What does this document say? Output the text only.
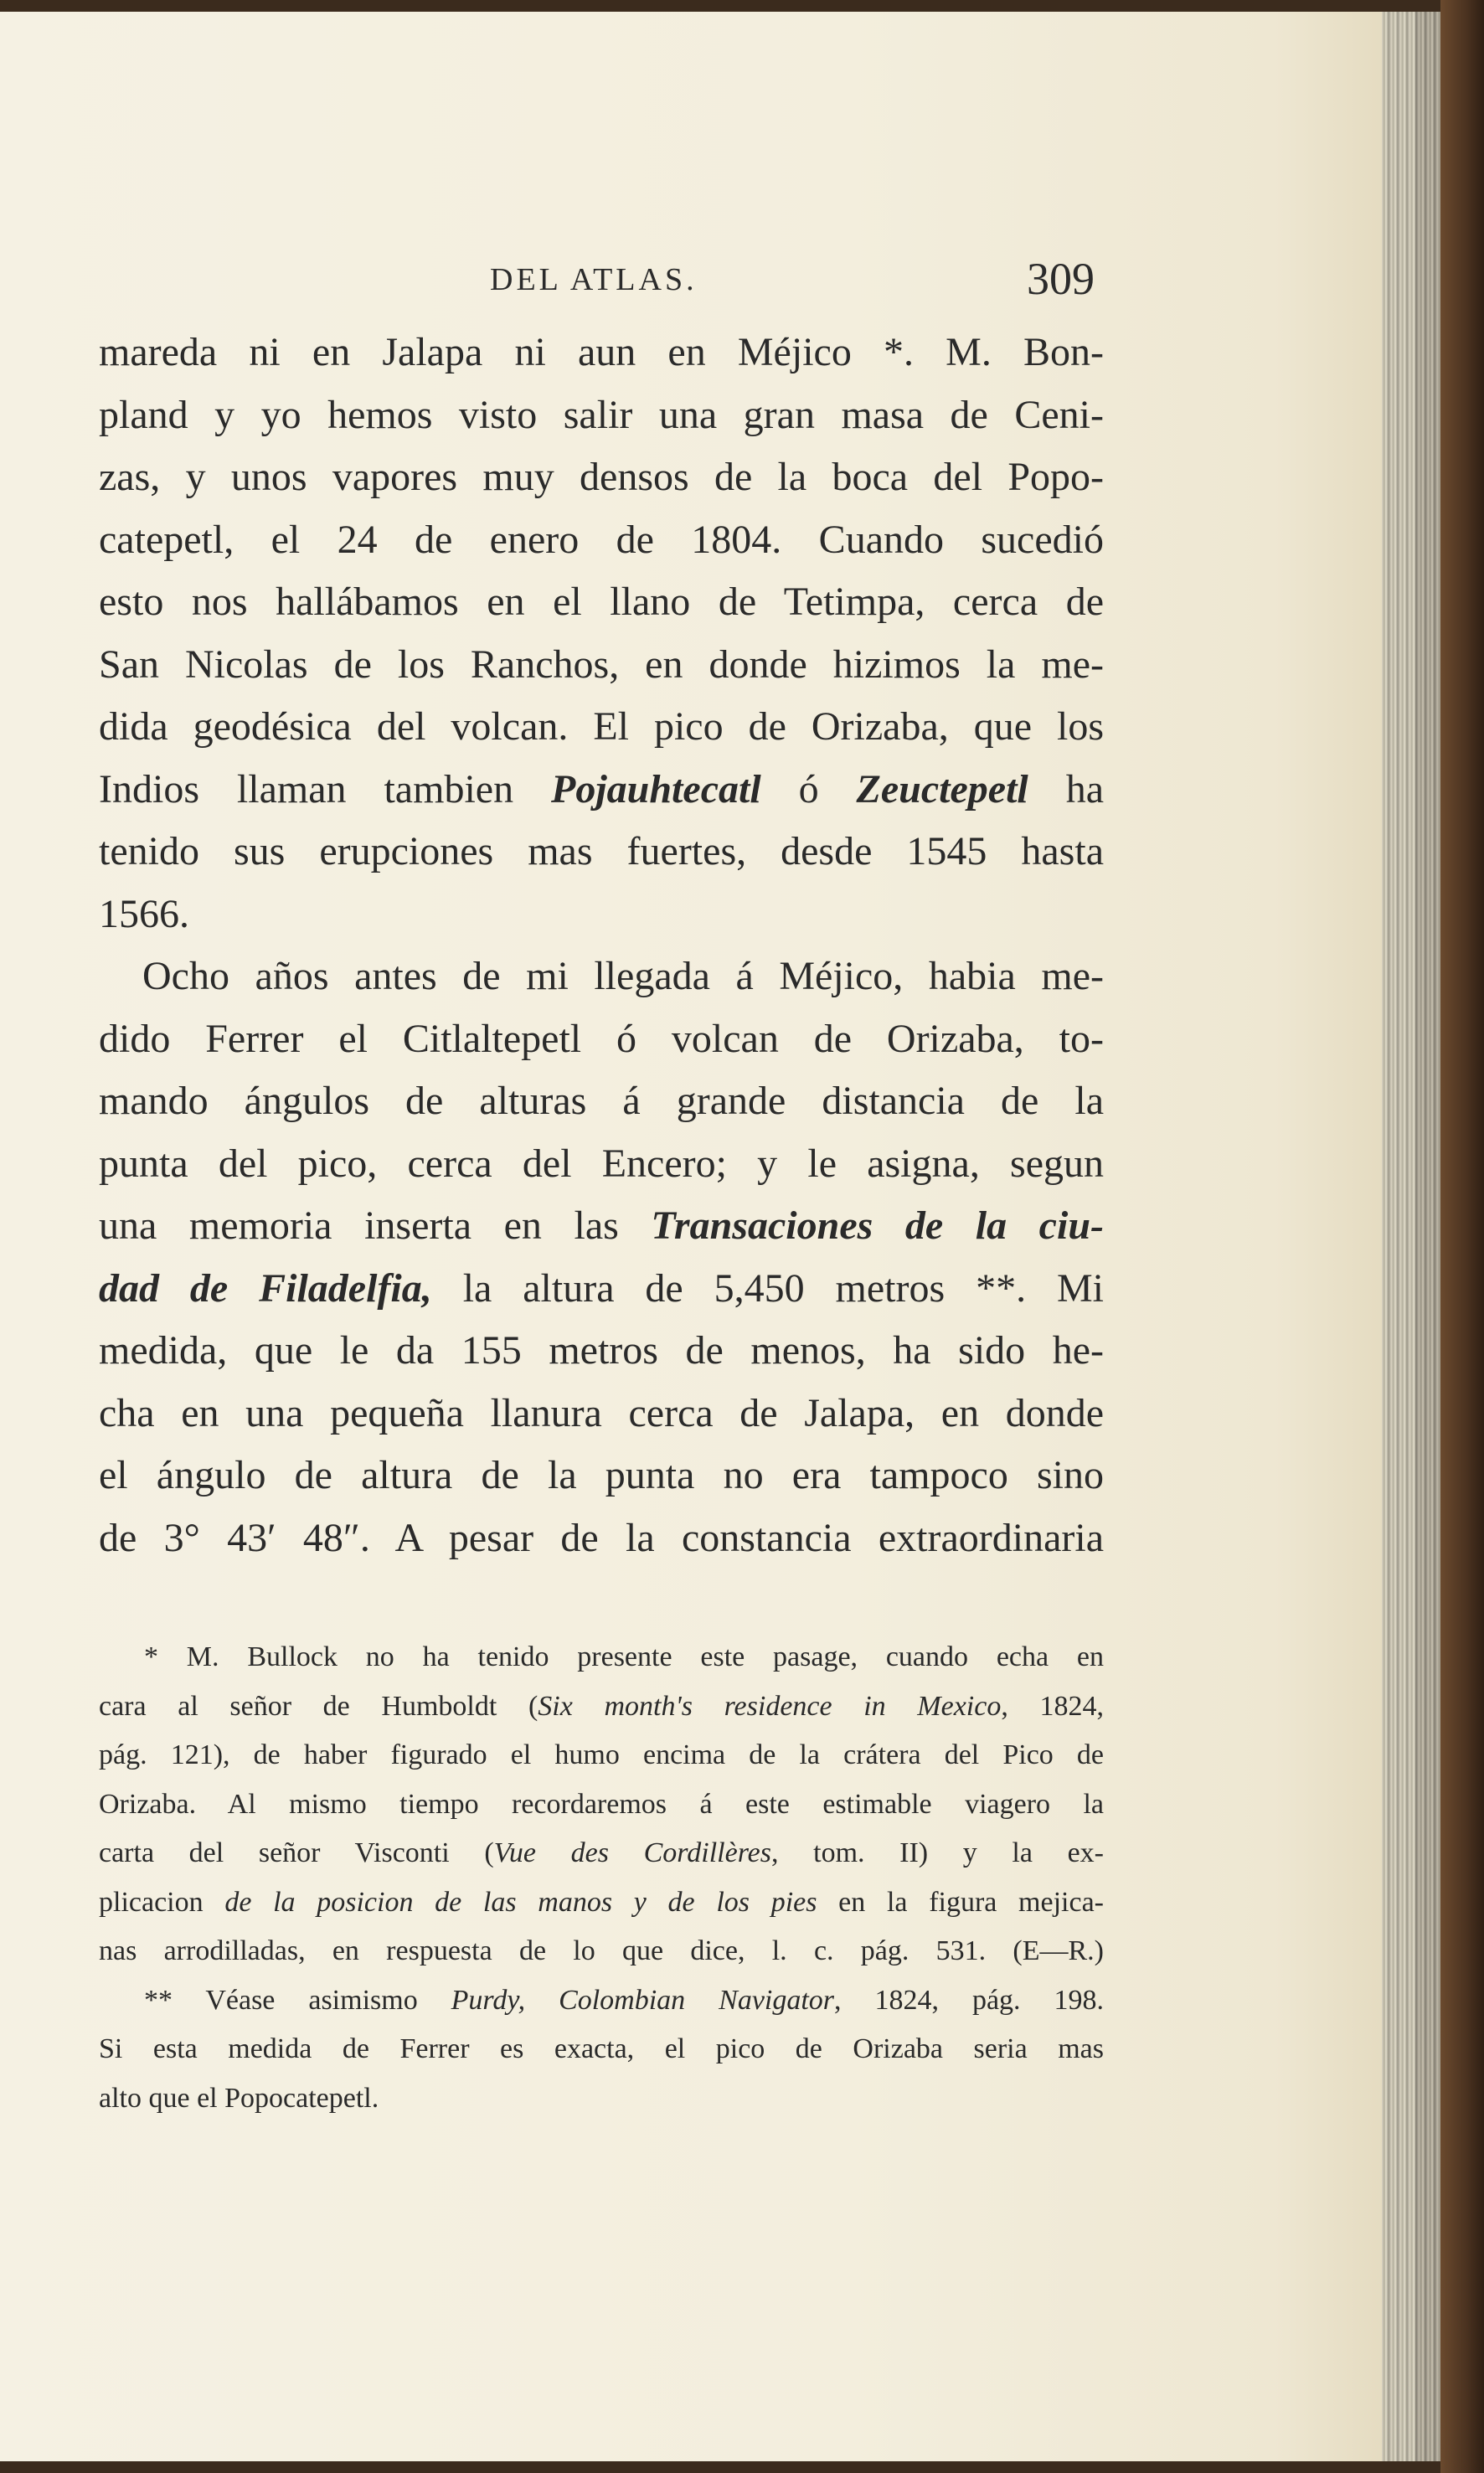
DEL ATLAS.	309
mareda ni en Jalapa ni aun en Méjico *. M. Bon-
pland y yo hemos visto salir una gran masa de Ceni-
zas, y unos vapores muy densos de la boca del Popo-
catepetl, el 24 de enero de 1804. Cuando sucedió
esto nos hallábamos en el llano de Tetimpa, cerca de
San Nicolas de los Ranchos, en donde hizimos la me-
dida geodésica del volcan. El pico de Orizaba, que los
Indios llaman tambien Pojauhtecatl ó Zeuctepetl ha
tenido sus erupciones mas fuertes, desde 1545 hasta
1566.
Ocho años antes de mi llegada á Méjico, habia me-
dido Ferrer el Citlaltepetl ó volcan de Orizaba, to-
mando ángulos de alturas á grande distancia de la
punta del pico, cerca del Encero; y le asigna, segun
una memoria inserta en las Transaciones de la ciu-
dad de Filadelfia, la altura de 5,450 metros **. Mi
medida, que le da 155 metros de menos, ha sido he-
cha en una pequeña llanura cerca de Jalapa, en donde
el ángulo de altura de la punta no era tampoco sino
de 3° 43′ 48″. A pesar de la constancia extraordinaria
* M. Bullock no ha tenido presente este pasage, cuando echa en
cara al señor de Humboldt (Six month's residence in Mexico, 1824,
pág. 121), de haber figurado el humo encima de la crátera del Pico de
Orizaba. Al mismo tiempo recordaremos á este estimable viagero la
carta del señor Visconti (Vue des Cordillères, tom. II) y la ex-
plicacion de la posicion de las manos y de los pies en la figura mejica-
nas arrodilladas, en respuesta de lo que dice, l. c. pág. 531. (E—R.)
** Véase asimismo Purdy, Colombian Navigator, 1824, pág. 198.
Si esta medida de Ferrer es exacta, el pico de Orizaba seria mas
alto que el Popocatepetl.
